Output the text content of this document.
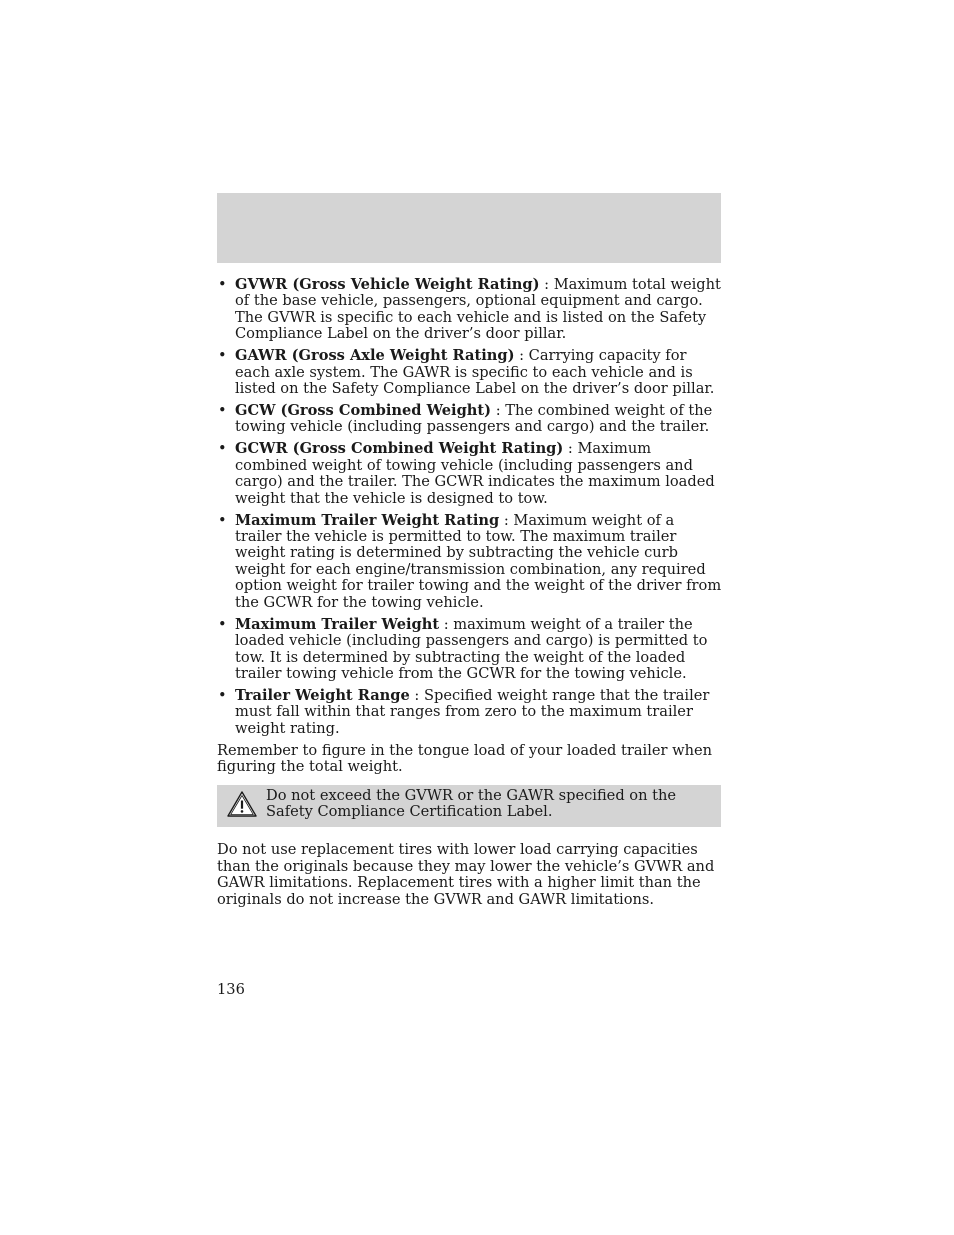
• GVWR (Gross Vehicle Weight Rating) : Maximum total weight of the base vehicle, passengers, optional equipment and cargo. The GVWR is specific to each vehicle and is listed on the Safety Compliance Label on the driver’s door pillar.
• GAWR (Gross Axle Weight Rating) : Carrying capacity for each axle system. The GAWR is specific to each vehicle and is listed on the Safety Compliance Label on the driver’s door pillar.
• GCW (Gross Combined Weight) : The combined weight of the towing vehicle (including passengers and cargo) and the trailer.
• GCWR (Gross Combined Weight Rating) : Maximum combined weight of towing vehicle (including passengers and cargo) and the trailer. The GCWR indicates the maximum loaded weight that the vehicle is designed to tow.
• Maximum Trailer Weight Rating : Maximum weight of a trailer the vehicle is permitted to tow. The maximum trailer weight rating is determined by subtracting the vehicle curb weight for each engine/transmission combination, any required option weight for trailer towing and the weight of the driver from the GCWR for the towing vehicle.
• Maximum Trailer Weight : maximum weight of a trailer the loaded vehicle (including passengers and cargo) is permitted to tow. It is determined by subtracting the weight of the loaded trailer towing vehicle from the GCWR for the towing vehicle.
• Trailer Weight Range : Specified weight range that the trailer must fall within that ranges from zero to the maximum trailer weight rating.

Remember to figure in the tongue load of your loaded trailer when figuring the total weight.

Do not exceed the GVWR or the GAWR specified on the Safety Compliance Certification Label.

Do not use replacement tires with lower load carrying capacities than the originals because they may lower the vehicle’s GVWR and GAWR limitations. Replacement tires with a higher limit than the originals do not increase the GVWR and GAWR limitations.

136
